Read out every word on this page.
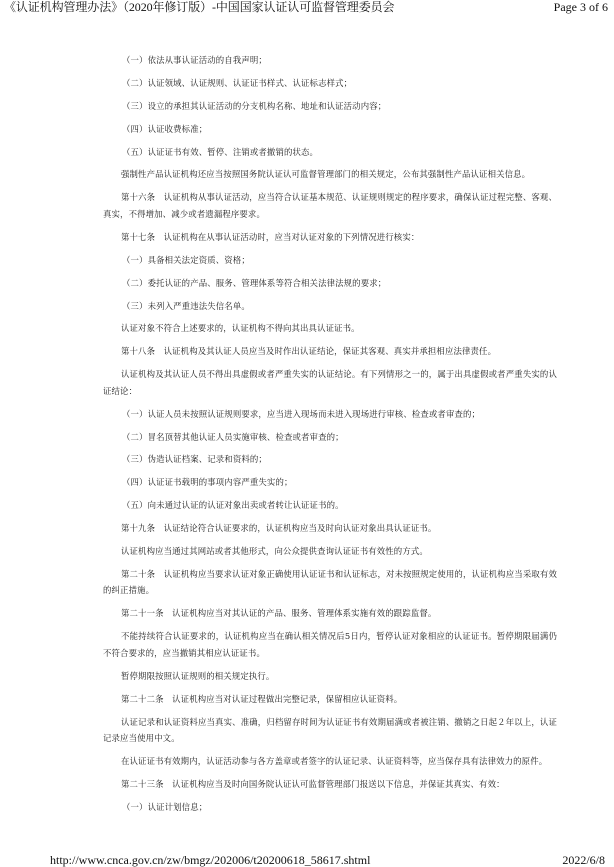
《认证机构管理办法》（2020年修订版）-中国国家认证认可监督管理委员会	Page 3 of 6

（一）依法从事认证活动的自我声明；

（二）认证领域、认证规则、认证证书样式、认证标志样式；

（三）设立的承担其认证活动的分支机构名称、地址和认证活动内容；

（四）认证收费标准；

（五）认证证书有效、暂停、注销或者撤销的状态。

强制性产品认证机构还应当按照国务院认证认可监督管理部门的相关规定，公布其强制性产品认证相关信息。

第十六条　认证机构从事认证活动，应当符合认证基本规范、认证规则规定的程序要求，确保认证过程完整、客观、真实，不得增加、减少或者遗漏程序要求。

第十七条　认证机构在从事认证活动时，应当对认证对象的下列情况进行核实：

（一）具备相关法定资质、资格；

（二）委托认证的产品、服务、管理体系等符合相关法律法规的要求；

（三）未列入严重违法失信名单。

认证对象不符合上述要求的，认证机构不得向其出具认证证书。

第十八条　认证机构及其认证人员应当及时作出认证结论，保证其客观、真实并承担相应法律责任。

认证机构及其认证人员不得出具虚假或者严重失实的认证结论。有下列情形之一的，属于出具虚假或者严重失实的认证结论：

（一）认证人员未按照认证规则要求，应当进入现场而未进入现场进行审核、检查或者审查的；

（二）冒名顶替其他认证人员实施审核、检查或者审查的；

（三）伪造认证档案、记录和资料的；

（四）认证证书载明的事项内容严重失实的；

（五）向未通过认证的认证对象出卖或者转让认证证书的。

第十九条　认证结论符合认证要求的，认证机构应当及时向认证对象出具认证证书。

认证机构应当通过其网站或者其他形式，向公众提供查询认证证书有效性的方式。

第二十条　认证机构应当要求认证对象正确使用认证证书和认证标志，对未按照规定使用的，认证机构应当采取有效的纠正措施。

第二十一条　认证机构应当对其认证的产品、服务、管理体系实施有效的跟踪监督。

不能持续符合认证要求的，认证机构应当在确认相关情况后5日内，暂停认证对象相应的认证证书。暂停期限届满仍不符合要求的，应当撤销其相应认证证书。

暂停期限按照认证规则的相关规定执行。

第二十二条　认证机构应当对认证过程做出完整记录，保留相应认证资料。

认证记录和认证资料应当真实、准确，归档留存时间为认证证书有效期届满或者被注销、撤销之日起２年以上，认证记录应当使用中文。

在认证证书有效期内，认证活动参与各方盖章或者签字的认证记录、认证资料等，应当保存具有法律效力的原件。

第二十三条　认证机构应当及时向国务院认证认可监督管理部门报送以下信息，并保证其真实、有效：

（一）认证计划信息；

http://www.cnca.gov.cn/zw/bmgz/202006/t20200618_58617.shtml	2022/6/8
